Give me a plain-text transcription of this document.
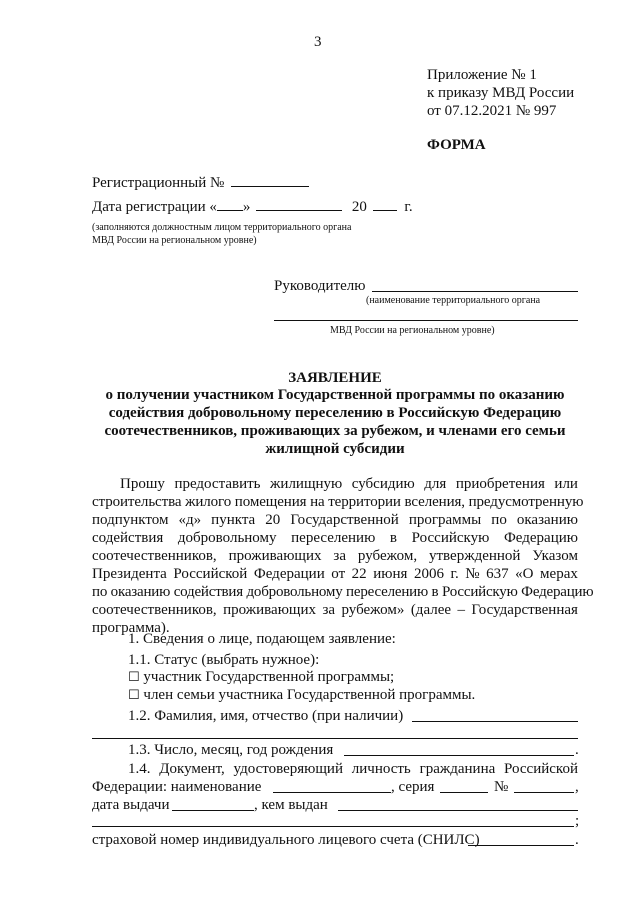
3
Приложение № 1
к приказу МВД России
от 07.12.2021 № 997
ФОРМА
Регистрационный №
Дата регистрации « »	20	г.
(заполняются должностным лицом территориального органа
МВД России на региональном уровне)
Руководителю
(наименование территориального органа
МВД России на региональном уровне)
ЗАЯВЛЕНИЕ
о получении участником Государственной программы по оказанию
содействия добровольному переселению в Российскую Федерацию
соотечественников, проживающих за рубежом, и членами его семьи
жилищной субсидии
Прошу предоставить жилищную субсидию для приобретения или
строительства жилого помещения на территории вселения, предусмотренную
подпунктом «д» пункта 20 Государственной программы по оказанию
содействия добровольному переселению в Российскую Федерацию
соотечественников, проживающих за рубежом, утвержденной Указом
Президента Российской Федерации от 22 июня 2006 г. № 637 «О мерах
по оказанию содействия добровольному переселению в Российскую Федерацию
соотечественников, проживающих за рубежом» (далее – Государственная
программа).
1. Сведения о лице, подающем заявление:
1.1. Статус (выбрать нужное):
☐ участник Государственной программы;
☐ член семьи участника Государственной программы.
1.2. Фамилия, имя, отчество (при наличии)
1.3. Число, месяц, год рождения	.
1.4. Документ, удостоверяющий личность гражданина Российской
Федерации: наименование	, серия	№	,
дата выдачи	, кем выдан
;
страховой номер индивидуального лицевого счета (СНИЛС)	.
